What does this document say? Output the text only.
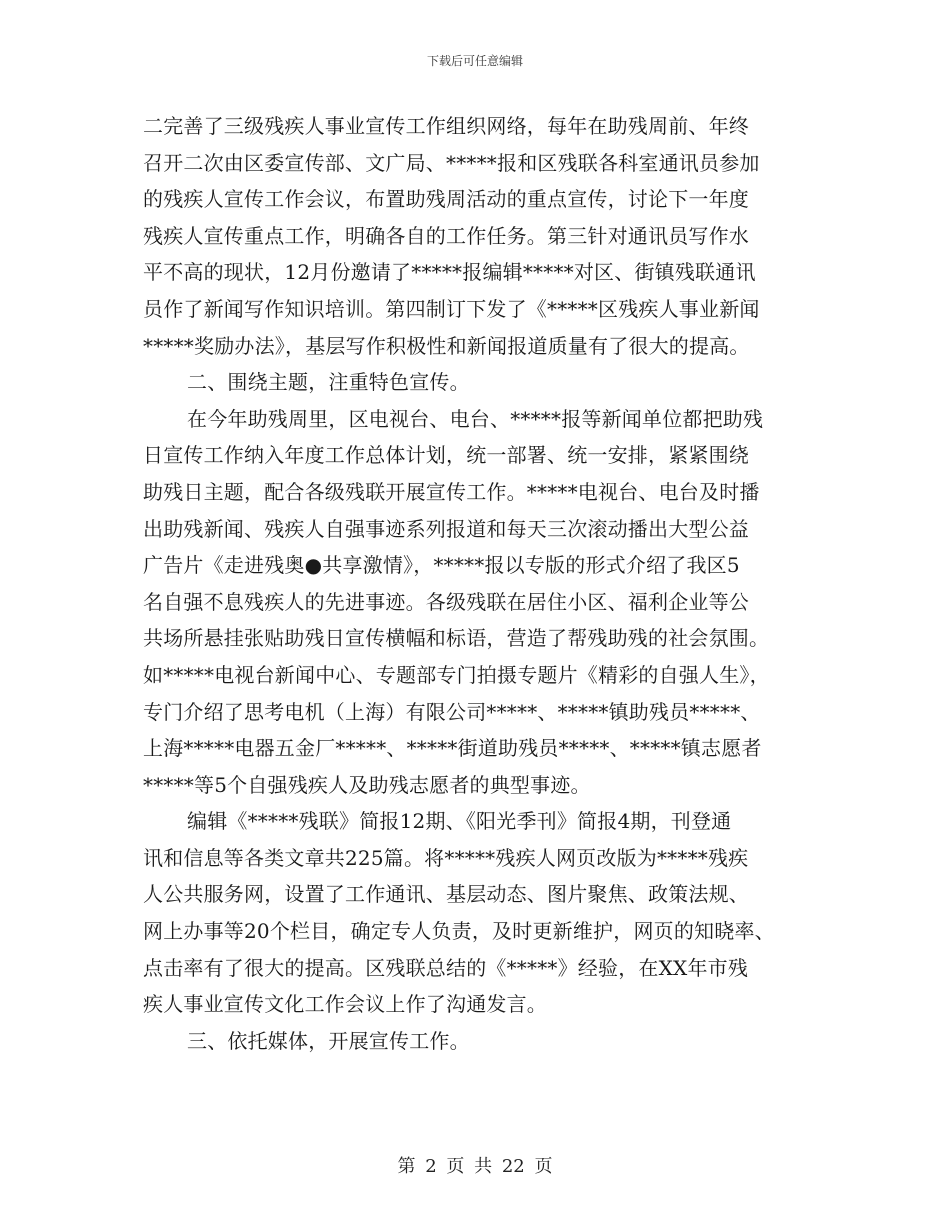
下载后可任意编辑
二完善了三级残疾人事业宣传工作组织网络，每年在助残周前、年终
召开二次由区委宣传部、文广局、*****报和区残联各科室通讯员参加
的残疾人宣传工作会议，布置助残周活动的重点宣传，讨论下一年度
残疾人宣传重点工作，明确各自的工作任务。第三针对通讯员写作水
平不高的现状，12月份邀请了*****报编辑*****对区、街镇残联通讯
员作了新闻写作知识培训。第四制订下发了《*****区残疾人事业新闻
*****奖励办法》，基层写作积极性和新闻报道质量有了很大的提高。
二、围绕主题，注重特色宣传。
在今年助残周里，区电视台、电台、*****报等新闻单位都把助残
日宣传工作纳入年度工作总体计划，统一部署、统一安排，紧紧围绕
助残日主题，配合各级残联开展宣传工作。*****电视台、电台及时播
出助残新闻、残疾人自强事迹系列报道和每天三次滚动播出大型公益
广告片《走进残奥●共享激情》，*****报以专版的形式介绍了我区5
名自强不息残疾人的先进事迹。各级残联在居住小区、福利企业等公
共场所悬挂张贴助残日宣传横幅和标语，营造了帮残助残的社会氛围。
如*****电视台新闻中心、专题部专门拍摄专题片《精彩的自强人生》，
专门介绍了思考电机（上海）有限公司*****、*****镇助残员*****、
上海*****电器五金厂*****、*****街道助残员*****、*****镇志愿者
*****等5个自强残疾人及助残志愿者的典型事迹。
编辑《*****残联》简报12期、《阳光季刊》简报4期，刊登通
讯和信息等各类文章共225篇。将*****残疾人网页改版为*****残疾
人公共服务网，设置了工作通讯、基层动态、图片聚焦、政策法规、
网上办事等20个栏目，确定专人负责，及时更新维护，网页的知晓率、
点击率有了很大的提高。区残联总结的《*****》经验，在XX年市残
疾人事业宣传文化工作会议上作了沟通发言。
三、依托媒体，开展宣传工作。
第 2 页 共 22 页
